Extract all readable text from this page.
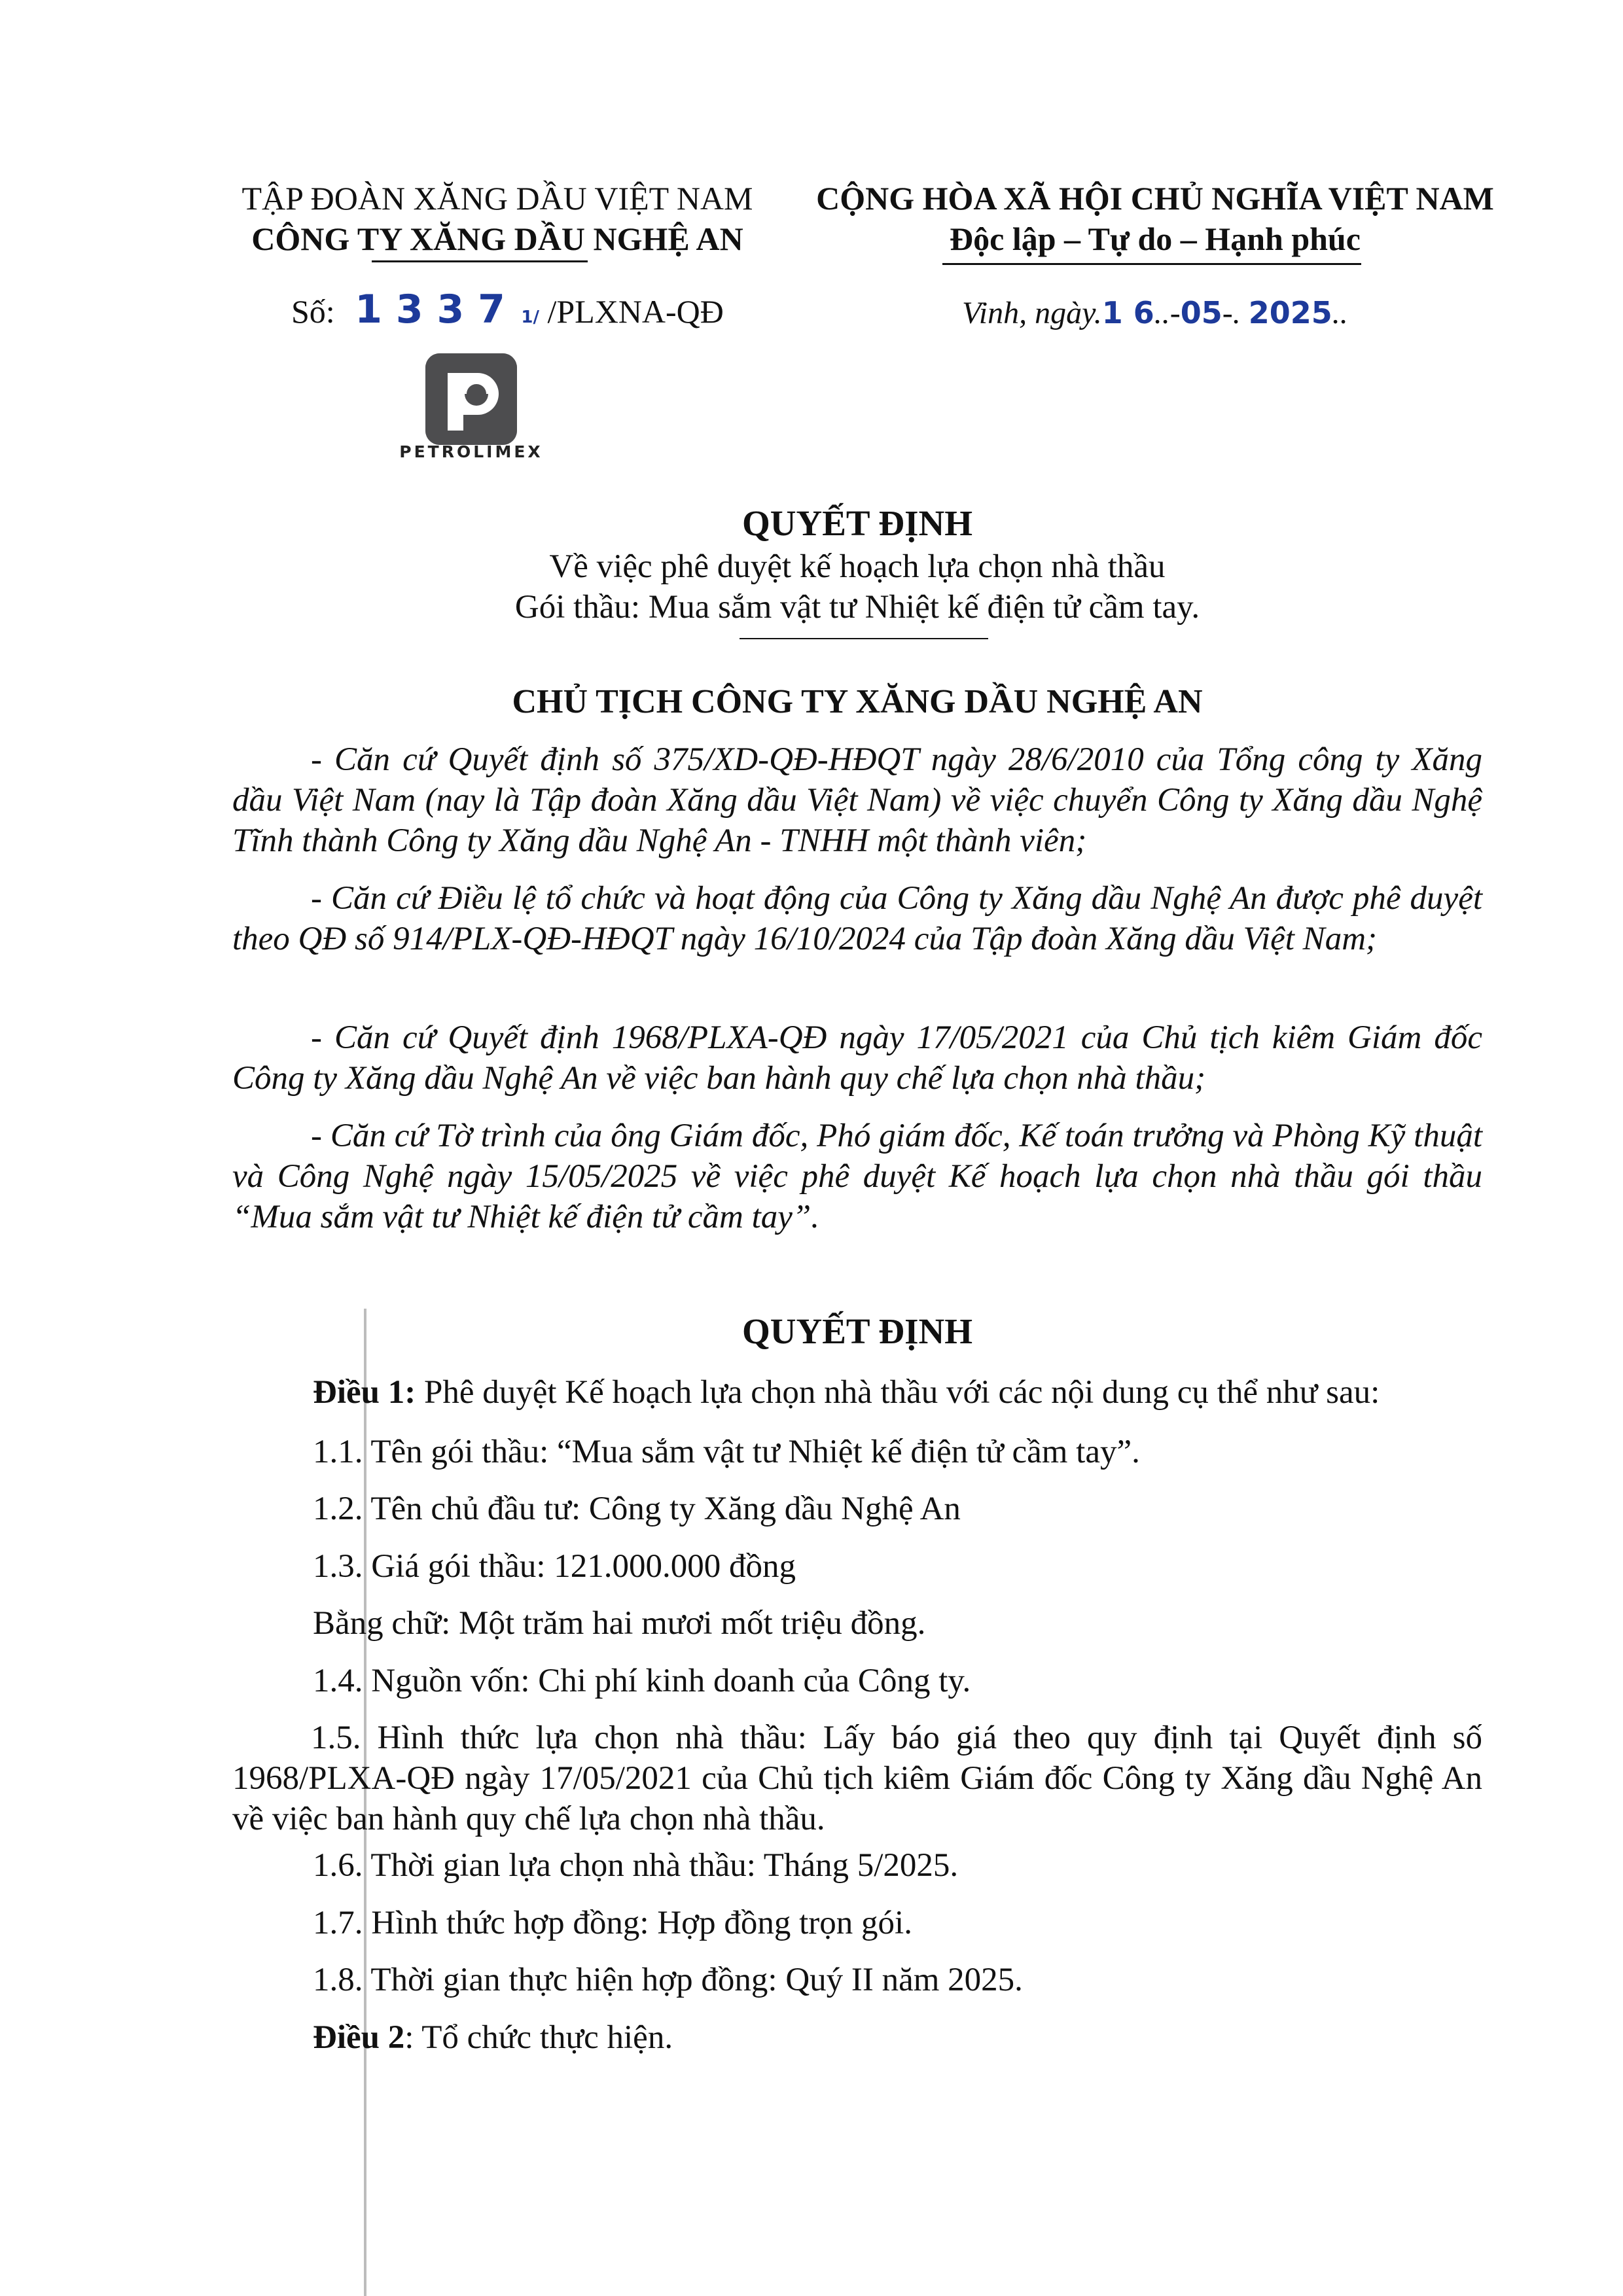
TẬP ĐOÀN XĂNG DẦU VIỆT NAM
CÔNG TY XĂNG DẦU NGHỆ AN
CỘNG HÒA XÃ HỘI CHỦ NGHĨA VIỆT NAM
Độc lập – Tự do – Hạnh phúc
Số: 1 3 3 7 1/ /PLXNA-QĐ	Vinh, ngày.1 6..-05-. 2025..
PETROLIMEX
QUYẾT ĐỊNH
Về việc phê duyệt kế hoạch lựa chọn nhà thầu
Gói thầu: Mua sắm vật tư Nhiệt kế điện tử cầm tay.
CHỦ TỊCH CÔNG TY XĂNG DẦU NGHỆ AN
- Căn cứ Quyết định số 375/XD-QĐ-HĐQT ngày 28/6/2010 của Tổng công ty Xăng dầu Việt Nam (nay là Tập đoàn Xăng dầu Việt Nam) về việc chuyển Công ty Xăng dầu Nghệ Tĩnh thành Công ty Xăng dầu Nghệ An - TNHH một thành viên;
- Căn cứ Điều lệ tổ chức và hoạt động của Công ty Xăng dầu Nghệ An được phê duyệt theo QĐ số 914/PLX-QĐ-HĐQT ngày 16/10/2024 của Tập đoàn Xăng dầu Việt Nam;
- Căn cứ Quyết định 1968/PLXA-QĐ ngày 17/05/2021 của Chủ tịch kiêm Giám đốc Công ty Xăng dầu Nghệ An về việc ban hành quy chế lựa chọn nhà thầu;
- Căn cứ Tờ trình của ông Giám đốc, Phó giám đốc, Kế toán trưởng và Phòng Kỹ thuật và Công Nghệ ngày 15/05/2025 về việc phê duyệt Kế hoạch lựa chọn nhà thầu gói thầu “Mua sắm vật tư Nhiệt kế điện tử cầm tay”.
QUYẾT ĐỊNH
Điều 1: Phê duyệt Kế hoạch lựa chọn nhà thầu với các nội dung cụ thể như sau:
1.1. Tên gói thầu: “Mua sắm vật tư Nhiệt kế điện tử cầm tay”.
1.2. Tên chủ đầu tư: Công ty Xăng dầu Nghệ An
1.3. Giá gói thầu: 121.000.000 đồng
Bằng chữ: Một trăm hai mươi mốt triệu đồng.
1.4. Nguồn vốn: Chi phí kinh doanh của Công ty.
1.5. Hình thức lựa chọn nhà thầu: Lấy báo giá theo quy định tại Quyết định số 1968/PLXA-QĐ ngày 17/05/2021 của Chủ tịch kiêm Giám đốc Công ty Xăng dầu Nghệ An về việc ban hành quy chế lựa chọn nhà thầu.
1.6. Thời gian lựa chọn nhà thầu: Tháng 5/2025.
1.7. Hình thức hợp đồng: Hợp đồng trọn gói.
1.8. Thời gian thực hiện hợp đồng: Quý II năm 2025.
Điều 2: Tổ chức thực hiện.
